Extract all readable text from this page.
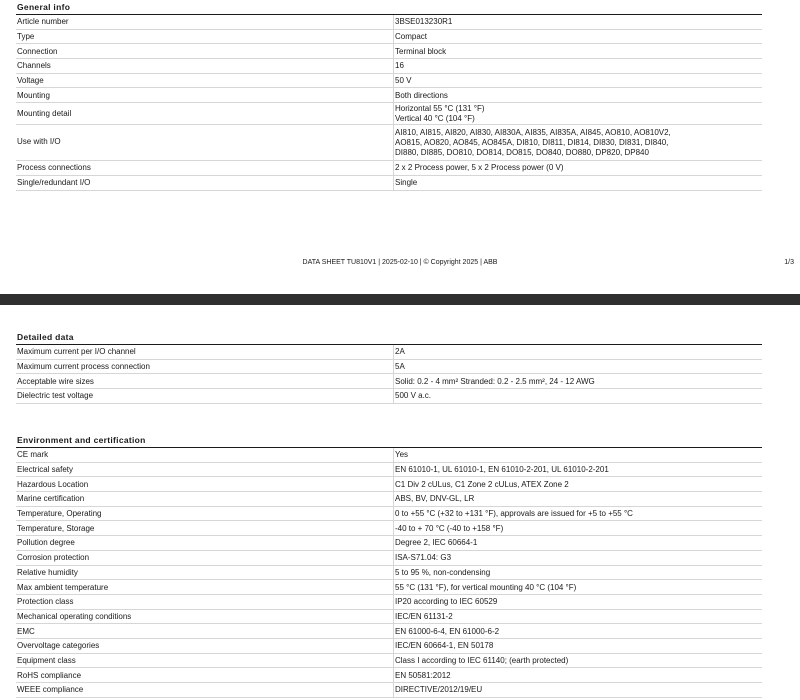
General info
Article number	3BSE013230R1
Type	Compact
Connection	Terminal block
Channels	16
Voltage	50 V
Mounting	Both directions
Mounting detail	Horizontal 55 °C (131 °F)
Vertical 40 °C (104 °F)

Use with I/O	AI810, AI815, AI820, AI830, AI830A, AI835, AI835A, AI845, AO810, AO810V2,
AO815, AO820, AO845, AO845A, DI810, DI811, DI814, DI830, DI831, DI840,
DI880, DI885, DO810, DO814, DO815, DO840, DO880, DP820, DP840

Process connections	2 x 2 Process power, 5 x 2 Process power (0 V)
Single/redundant I/O	Single
DATA SHEET TU810V1 | 2025-02-10 | © Copyright 2025 | ABB	1/3
Detailed data
Maximum current per I/O channel	2A
Maximum current process connection	5A
Acceptable wire sizes	Solid: 0.2 - 4 mm² Stranded: 0.2 - 2.5 mm², 24 - 12 AWG
Dielectric test voltage	500 V a.c.
Environment and certification
CE mark	Yes
Electrical safety	EN 61010-1, UL 61010-1, EN 61010-2-201, UL 61010-2-201
Hazardous Location	C1 Div 2 cULus, C1 Zone 2 cULus, ATEX Zone 2
Marine certification	ABS, BV, DNV-GL, LR
Temperature, Operating	0 to +55 °C (+32 to +131 °F), approvals are issued for +5 to +55 °C
Temperature, Storage	-40 to + 70 °C (-40 to +158 °F)
Pollution degree	Degree 2, IEC 60664-1
Corrosion protection	ISA-S71.04: G3
Relative humidity	5 to 95 %, non-condensing
Max ambient temperature	55 °C (131 °F), for vertical mounting 40 °C (104 °F)
Protection class	IP20 according to IEC 60529
Mechanical operating conditions	IEC/EN 61131-2
EMC	EN 61000-6-4, EN 61000-6-2
Overvoltage categories	IEC/EN 60664-1, EN 50178
Equipment class	Class I according to IEC 61140; (earth protected)
RoHS compliance	EN 50581:2012
WEEE compliance	DIRECTIVE/2012/19/EU
